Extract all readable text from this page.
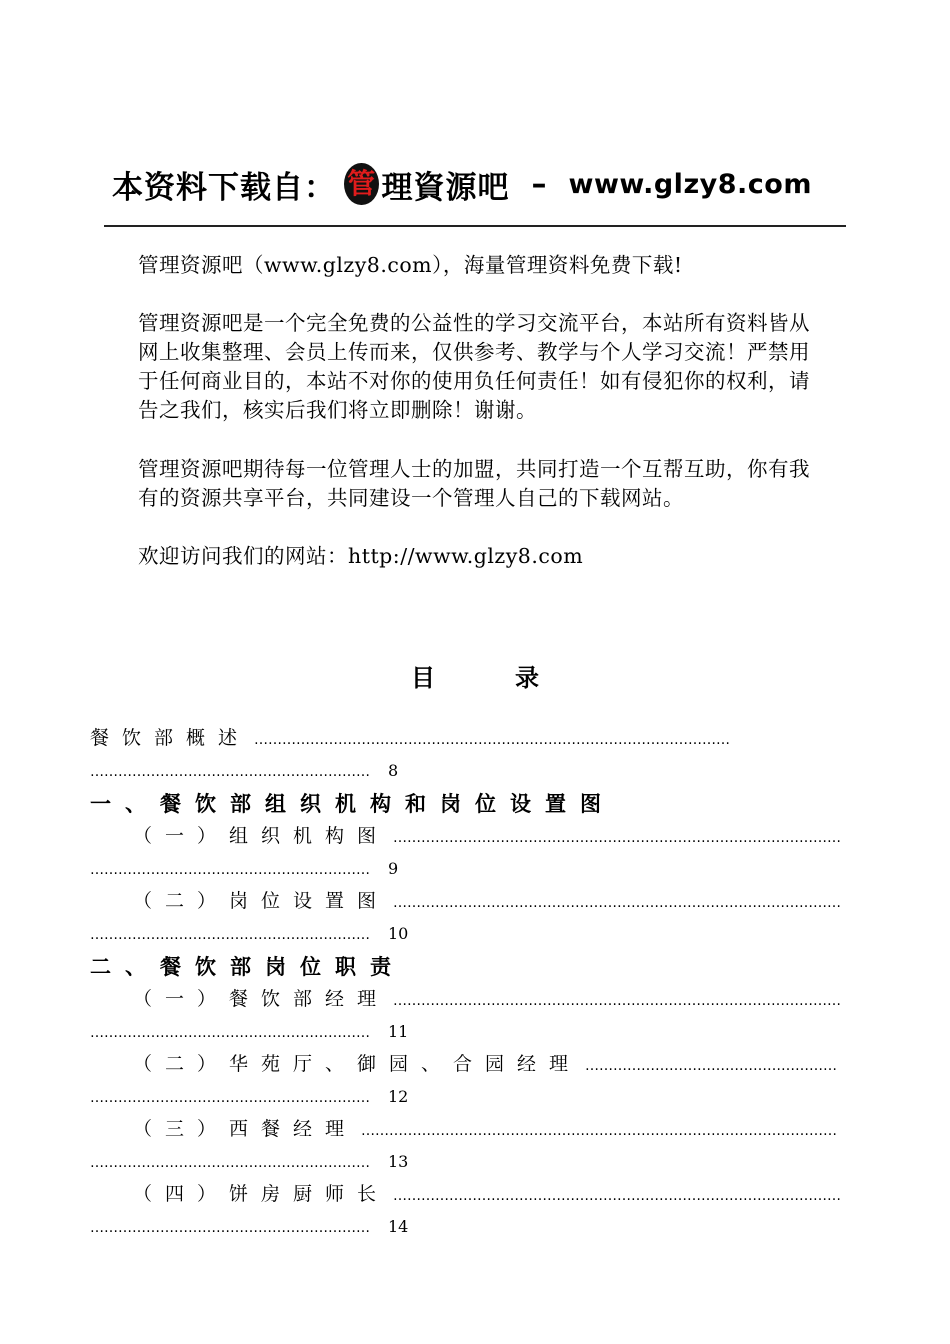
本资料下载自： 管 理資源吧 – www.glzy8.com

管理资源吧（www.glzy8.com），海量管理资料免费下载!

管理资源吧是一个完全免费的公益性的学习交流平台，本站所有资料皆从网上收集整理、会员上传而来，仅供参考、教学与个人学习交流！严禁用于任何商业目的，本站不对你的使用负任何责任！如有侵犯你的权利，请告之我们，核实后我们将立即删除！谢谢。

管理资源吧期待每一位管理人士的加盟，共同打造一个互帮互助，你有我有的资源共享平台，共同建设一个管理人自己的下载网站。

欢迎访问我们的网站：http://www.glzy8.com

目录
餐饮部概述 …………………………………………………………………………………………
…………………………………………………… 8
一、餐饮部组织机构和岗位设置图
（一）组织机构图 ……………………………………………………………………………………
…………………………………………………… 9
（二）岗位设置图 ……………………………………………………………………………………
…………………………………………………… 10
二、餐饮部岗位职责
（一）餐饮部经理 ……………………………………………………………………………………
…………………………………………………… 11
（二）华苑厅、御园、合园经理 ………………………………………………
…………………………………………………… 12
（三）西餐经理 …………………………………………………………………………………………
…………………………………………………… 13
（四）饼房厨师长 ……………………………………………………………………………………
…………………………………………………… 14
